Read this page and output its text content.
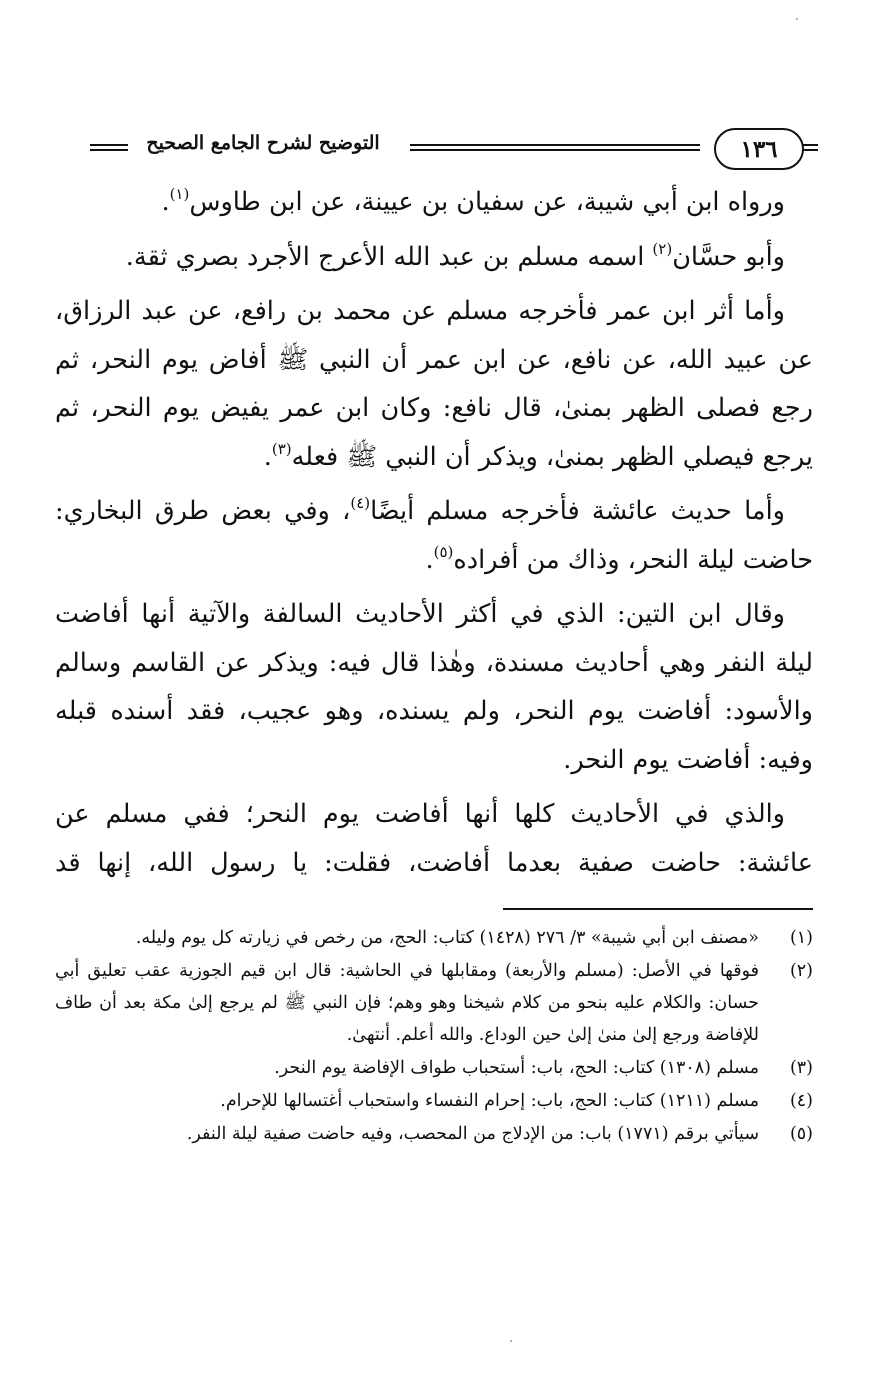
التوضيح لشرح الجامع الصحيح	١٣٦

ورواه ابن أبي شيبة، عن سفيان بن عيينة، عن ابن طاوس$^{(١)}$.

وأبو حسَّان$^{(٢)}$ اسمه مسلم بن عبد الله الأعرج الأجرد بصري ثقة.

وأما أثر ابن عمر فأخرجه مسلم عن محمد بن رافع، عن عبد الرزاق، عن عبيد الله، عن نافع، عن ابن عمر أن النبي ﷺ أفاض يوم النحر، ثم رجع فصلى الظهر بمنىٰ، قال نافع: وكان ابن عمر يفيض يوم النحر، ثم يرجع فيصلي الظهر بمنىٰ، ويذكر أن النبي ﷺ فعله$^{(٣)}$.

وأما حديث عائشة فأخرجه مسلم أيضًا$^{(٤)}$، وفي بعض طرق البخاري: حاضت ليلة النحر، وذاك من أفراده$^{(٥)}$.

وقال ابن التين: الذي في أكثر الأحاديث السالفة والآتية أنها أفاضت ليلة النفر وهي أحاديث مسندة، وهٰذا قال فيه: ويذكر عن القاسم وسالم والأسود: أفاضت يوم النحر، ولم يسنده، وهو عجيب، فقد أسنده قبله وفيه: أفاضت يوم النحر.

والذي في الأحاديث كلها أنها أفاضت يوم النحر؛ ففي مسلم عن عائشة: حاضت صفية بعدما أفاضت، فقلت: يا رسول الله، إنها قد

(١)
«مصنف ابن أبي شيبة» ٣/ ٢٧٦ (١٤٢٨) كتاب: الحج، من رخص في زيارته كل يوم وليله.
(٢)
فوقها في الأصل: (مسلم والأربعة) ومقابلها في الحاشية: قال ابن قيم الجوزية عقب تعليق أبي حسان: والكلام عليه بنحو من كلام شيخنا وهو وهم؛ فإن النبي ﷺ لم يرجع إلىٰ مكة بعد أن طاف للإفاضة ورجع إلىٰ منىٰ إلىٰ حين الوداع. والله أعلم. أنتهىٰ.
(٣)
مسلم (١٣٠٨) كتاب: الحج، باب: أستحباب طواف الإفاضة يوم النحر.
(٤)
مسلم (١٢١١) كتاب: الحج، باب: إحرام النفساء واستحباب أغتسالها للإحرام.
(٥)
سيأتي برقم (١٧٧١) باب: من الإدلاج من المحصب، وفيه حاضت صفية ليلة النفر.
